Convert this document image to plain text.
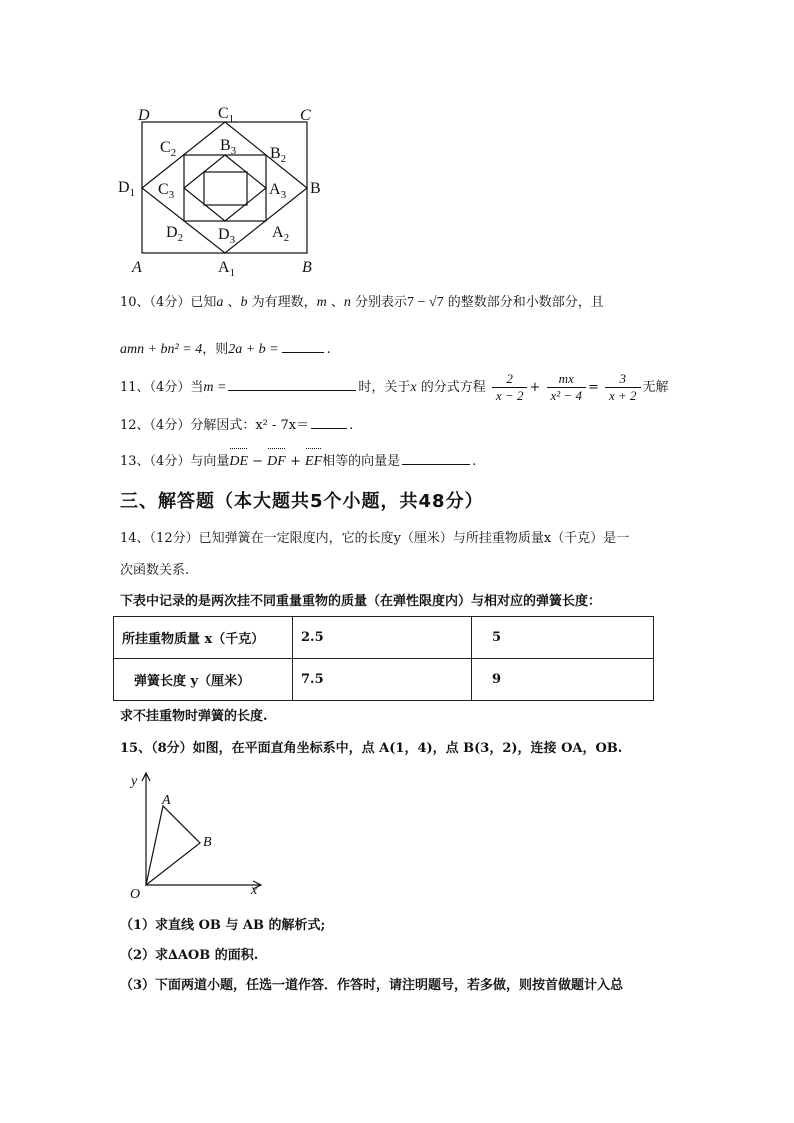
D	$C_1$	C
$C_2$	$B_3$ $B_2$
$D_1$ $C_3$	$A_3$ B
$D_2$ $D_3$ $A_2$
A	$A_1$	B
10、（4分）已知a 、b 为有理数，m 、n 分别表示7 − √7 的整数部分和小数部分，且
amn + bn² = 4，则2a + b =	.
11、（4分）当m =	时，关于x 的分式方程 $\frac{2}{x - 2} + \frac{mx}{\text{x² − 4}} = \frac{3}{x + 2}$ 无解
12、（4分）分解因式：x² - 7x＝	.
13、（4分）与向量DE − DF + EF相等的向量是	.
三、解答题（本大题共5个小题，共48分）
14、（12分）已知弹簧在一定限度内，它的长度y（厘米）与所挂重物质量x（千克）是一
次函数关系.
下表中记录的是两次挂不同重量重物的质量（在弹性限度内）与相对应的弹簧长度：
所挂重物质量 x（千克）	2.5	5
弹簧长度 y（厘米）	7.5	9
求不挂重物时弹簧的长度.
15、（8分）如图，在平面直角坐标系中，点 A(1，4)，点 B(3，2)，连接 OA，OB.
y
x
O
A
B
（1）求直线 OB 与 AB 的解析式;
（2）求∆AOB 的面积.
（3）下面两道小题，任选一道作答．作答时，请注明题号，若多做，则按首做题计入总
